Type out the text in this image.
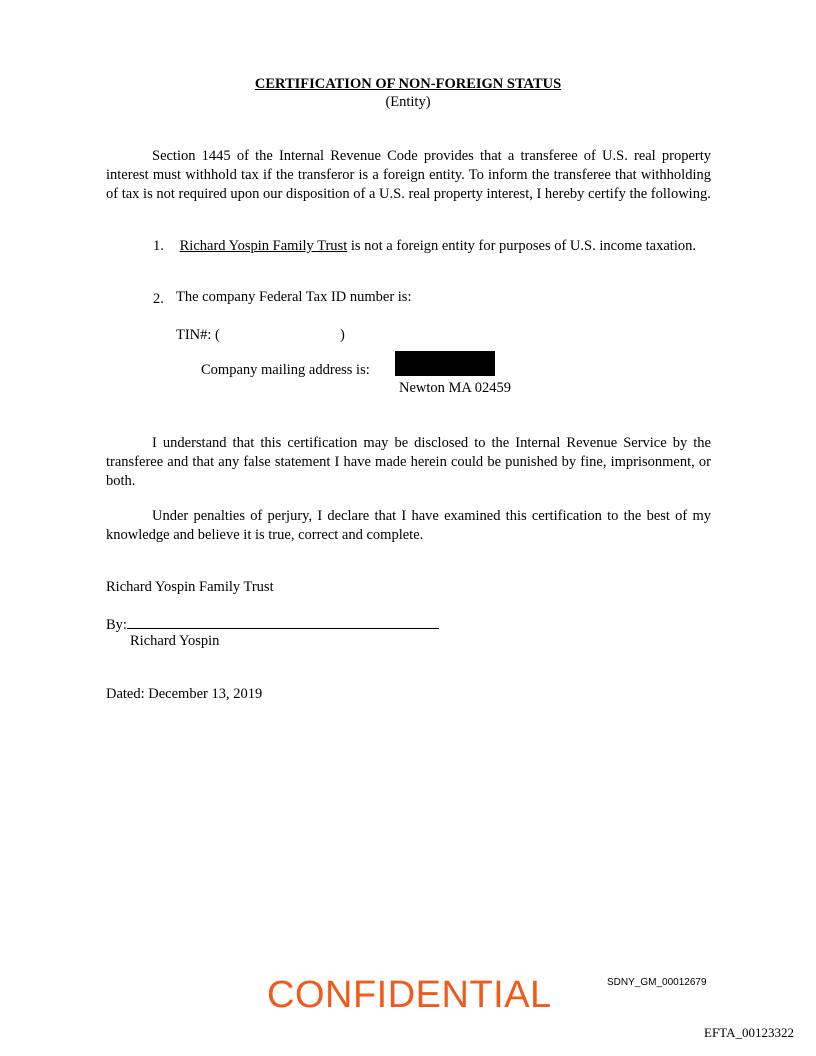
CERTIFICATION OF NON-FOREIGN STATUS
(Entity)

Section 1445 of the Internal Revenue Code provides that a transferee of U.S. real property interest must withhold tax if the transferor is a foreign entity. To inform the transferee that withholding of tax is not required upon our disposition of a U.S. real property interest, I hereby certify the following.

1. Richard Yospin Family Trust is not a foreign entity for purposes of U.S. income taxation.

2. The company Federal Tax ID number is:
TIN#: (	)
Company mailing address is:
Newton MA 02459

I understand that this certification may be disclosed to the Internal Revenue Service by the transferee and that any false statement I have made herein could be punished by fine, imprisonment, or both.

Under penalties of perjury, I declare that I have examined this certification to the best of my knowledge and believe it is true, correct and complete.

Richard Yospin Family Trust
By:
Richard Yospin
Dated: December 13, 2019
CONFIDENTIAL	SDNY_GM_00012679
EFTA_00123322
